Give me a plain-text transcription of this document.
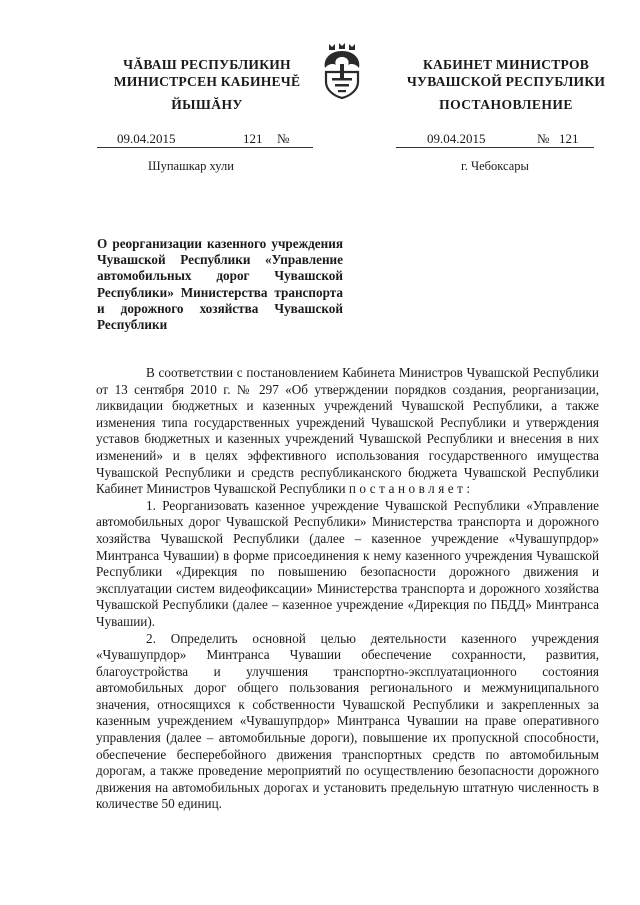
ЧĂВАШ РЕСПУБЛИКИН
МИНИСТРСЕН КАБИНЕЧĔ
КАБИНЕТ МИНИСТРОВ
ЧУВАШСКОЙ РЕСПУБЛИКИ
ЙЫШĂНУ	ПОСТАНОВЛЕНИЕ
09.04.2015	121 №	09.04.2015	№ 121
Шупашкар хули	г. Чебоксары
О реорганизации казенного учреждения Чувашской Республики «Управление автомобильных дорог Чувашской Республики» Министерства транспорта и дорожного хозяйства Чувашской Республики

В соответствии с постановлением Кабинета Министров Чувашской Республики от 13 сентября 2010 г. № 297 «Об утверждении порядков создания, реорганизации, ликвидации бюджетных и казенных учреждений Чувашской Республики, а также изменения типа государственных учреждений Чувашской Республики и утверждения уставов бюджетных и казенных учреждений Чувашской Республики и внесения в них изменений» и в целях эффективного использования государственного имущества Чувашской Республики и средств республиканского бюджета Чувашской Республики Кабинет Министров Чувашской Республики постановляет:

1. Реорганизовать казенное учреждение Чувашской Республики «Управление автомобильных дорог Чувашской Республики» Министерства транспорта и дорожного хозяйства Чувашской Республики (далее – казенное учреждение «Чувашупрдор» Минтранса Чувашии) в форме присоединения к нему казенного учреждения Чувашской Республики «Дирекция по повышению безопасности дорожного движения и эксплуатации систем видеофиксации» Министерства транспорта и дорожного хозяйства Чувашской Республики (далее – казенное учреждение «Дирекция по ПБДД» Минтранса Чувашии).

2. Определить основной целью деятельности казенного учреждения «Чувашупрдор» Минтранса Чувашии обеспечение сохранности, развития, благоустройства и улучшения транспортно-эксплуатационного состояния автомобильных дорог общего пользования регионального и межмуниципального значения, относящихся к собственности Чувашской Республики и закрепленных за казенным учреждением «Чувашупрдор» Минтранса Чувашии на праве оперативного управления (далее – автомобильные дороги), повышение их пропускной способности, обеспечение бесперебойного движения транспортных средств по автомобильным дорогам, а также проведение мероприятий по осуществлению безопасности дорожного движения на автомобильных дорогах и установить предельную штатную численность в количестве 50 единиц.
